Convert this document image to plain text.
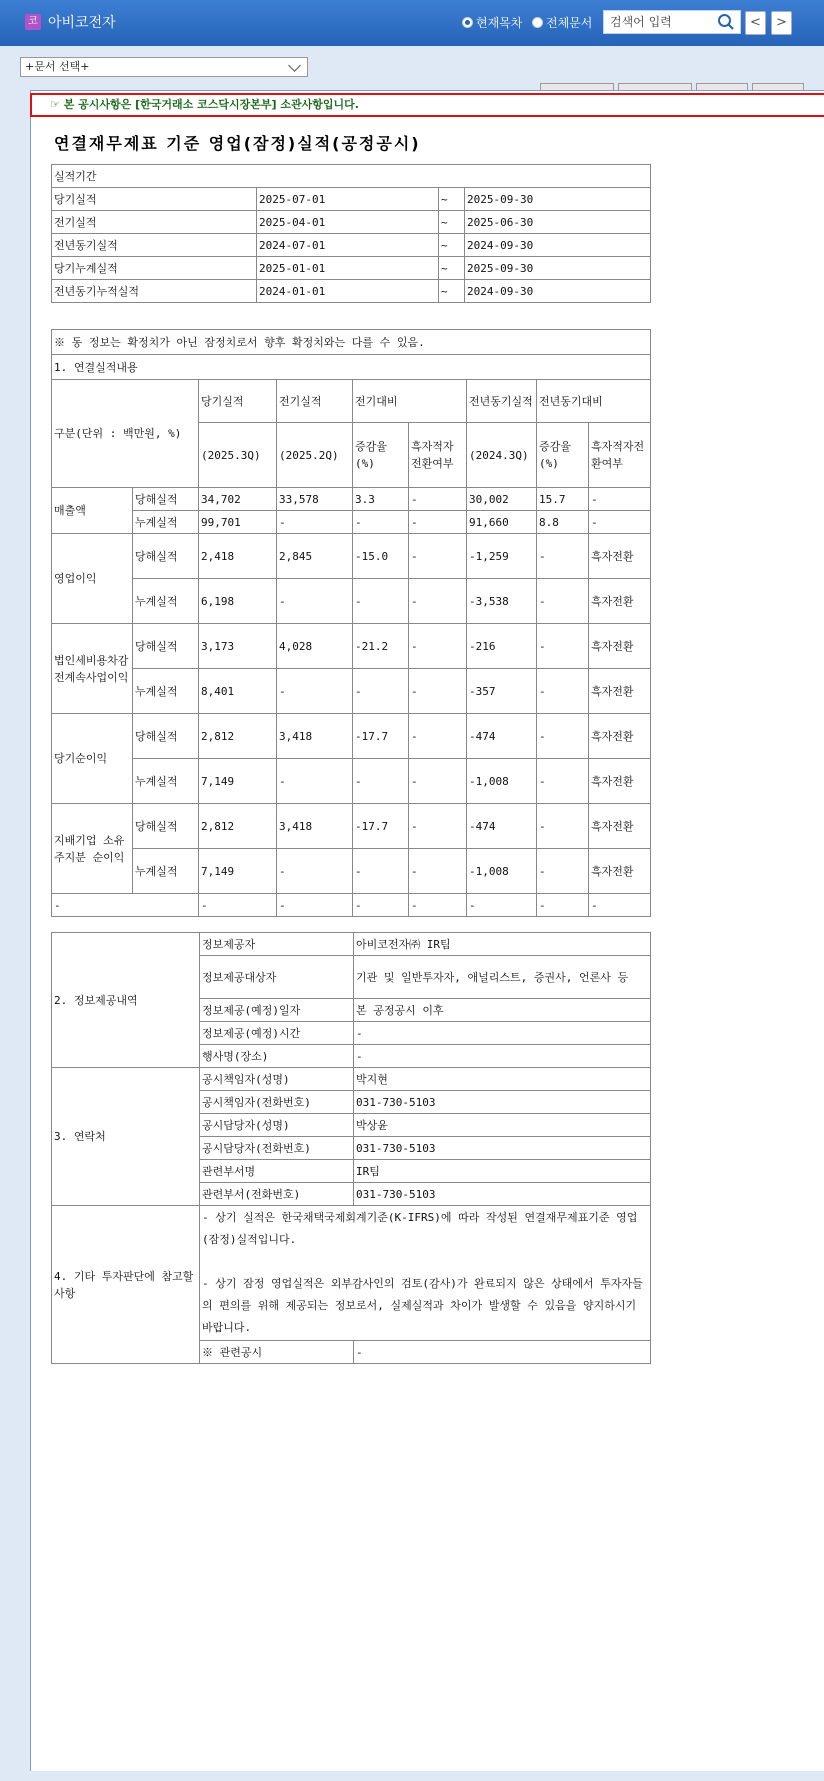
코 아비코전자	현재목차 전체문서	검색어 입력	<	>
+문서 선택+
☞ 본 공시사항은 [한국거래소 코스닥시장본부] 소관사항입니다.
연결재무제표 기준 영업(잠정)실적(공정공시)
실적기간			
당기실적	2025-07-01	~	2025-09-30
전기실적	2025-04-01	~	2025-06-30
전년동기실적	2024-07-01	~	2024-09-30
당기누계실적	2025-01-01	~	2025-09-30
전년동기누적실적	2024-01-01	~	2024-09-30
※ 동 정보는 확정치가 아닌 잠정치로서 향후 확정치와는 다를 수 있음.								
1. 연결실적내용								
구분(단위 : 백만원, %)		당기실적	전기실적	전기대비		전년동기실적	전년동기대비	
		(2025.3Q)	(2025.2Q)	증감율(%)	흑자적자전환여부	(2024.3Q)	증감율(%)	흑자적자전환여부
매출액	당해실적	34,702	33,578	3.3	-	30,002	15.7	-
	누계실적	99,701	-	-	-	91,660	8.8	-
영업이익	당해실적	2,418	2,845	-15.0	-	-1,259	-	흑자전환
	누계실적	6,198	-	-	-	-3,538	-	흑자전환
법인세비용차감전계속사업이익	당해실적	3,173	4,028	-21.2	-	-216	-	흑자전환
	누계실적	8,401	-	-	-	-357	-	흑자전환
당기순이익	당해실적	2,812	3,418	-17.7	-	-474	-	흑자전환
	누계실적	7,149	-	-	-	-1,008	-	흑자전환
지배기업 소유주지분 순이익	당해실적	2,812	3,418	-17.7	-	-474	-	흑자전환
	누계실적	7,149	-	-	-	-1,008	-	흑자전환
-		-	-	-	-	-	-	-
2. 정보제공내역	정보제공자	아비코전자㈜ IR팀
	정보제공대상자	기관 및 일반투자자, 애널리스트, 증권사, 언론사 등
	정보제공(예정)일자	본 공정공시 이후
	정보제공(예정)시간	-
	행사명(장소)	-
3. 연락처	공시책임자(성명)	박지현
	공시책임자(전화번호)	031-730-5103
	공시담당자(성명)	박상윤
	공시담당자(전화번호)	031-730-5103
	관련부서명	IR팀
	관련부서(전화번호)	031-730-5103
4. 기타 투자판단에 참고할 사항	- 상기 실적은 한국채택국제회계기준(K-IFRS)에 따라 작성된 연결재무제표기준 영업(잠정)실적입니다.
- 상기 잠정 영업실적은 외부감사인의 검토(감사)가 완료되지 않은 상태에서 투자자들의 편의를 위해 제공되는 정보로서, 실제실적과 차이가 발생할 수 있음을 양지하시기 바랍니다.	

	※ 관련공시	-
